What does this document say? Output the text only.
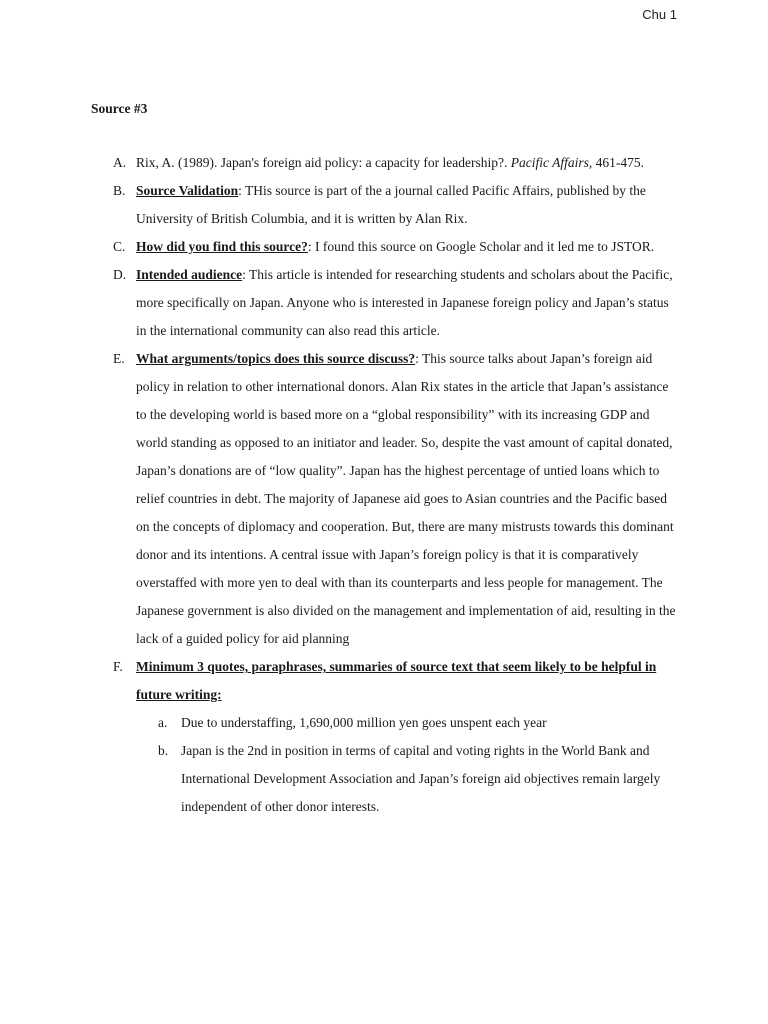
Chu 1
Source #3
A. Rix, A. (1989). Japan's foreign aid policy: a capacity for leadership?. Pacific Affairs, 461-475.
B. Source Validation: THis source is part of the a journal called Pacific Affairs, published by the University of British Columbia, and it is written by Alan Rix.
C. How did you find this source?: I found this source on Google Scholar and it led me to JSTOR.
D. Intended audience: This article is intended for researching students and scholars about the Pacific, more specifically on Japan. Anyone who is interested in Japanese foreign policy and Japan’s status in the international community can also read this article.
E. What arguments/topics does this source discuss?: This source talks about Japan’s foreign aid policy in relation to other international donors. Alan Rix states in the article that Japan’s assistance to the developing world is based more on a “global responsibility” with its increasing GDP and world standing as opposed to an initiator and leader. So, despite the vast amount of capital donated, Japan’s donations are of “low quality”. Japan has the highest percentage of untied loans which to relief countries in debt. The majority of Japanese aid goes to Asian countries and the Pacific based on the concepts of diplomacy and cooperation. But, there are many mistrusts towards this dominant donor and its intentions. A central issue with Japan’s foreign policy is that it is comparatively overstaffed with more yen to deal with than its counterparts and less people for management. The Japanese government is also divided on the management and implementation of aid, resulting in the lack of a guided policy for aid planning
F. Minimum 3 quotes, paraphrases, summaries of source text that seem likely to be helpful in future writing:
a. Due to understaffing, 1,690,000 million yen goes unspent each year
b. Japan is the 2nd in position in terms of capital and voting rights in the World Bank and International Development Association and Japan’s foreign aid objectives remain largely independent of other donor interests.
